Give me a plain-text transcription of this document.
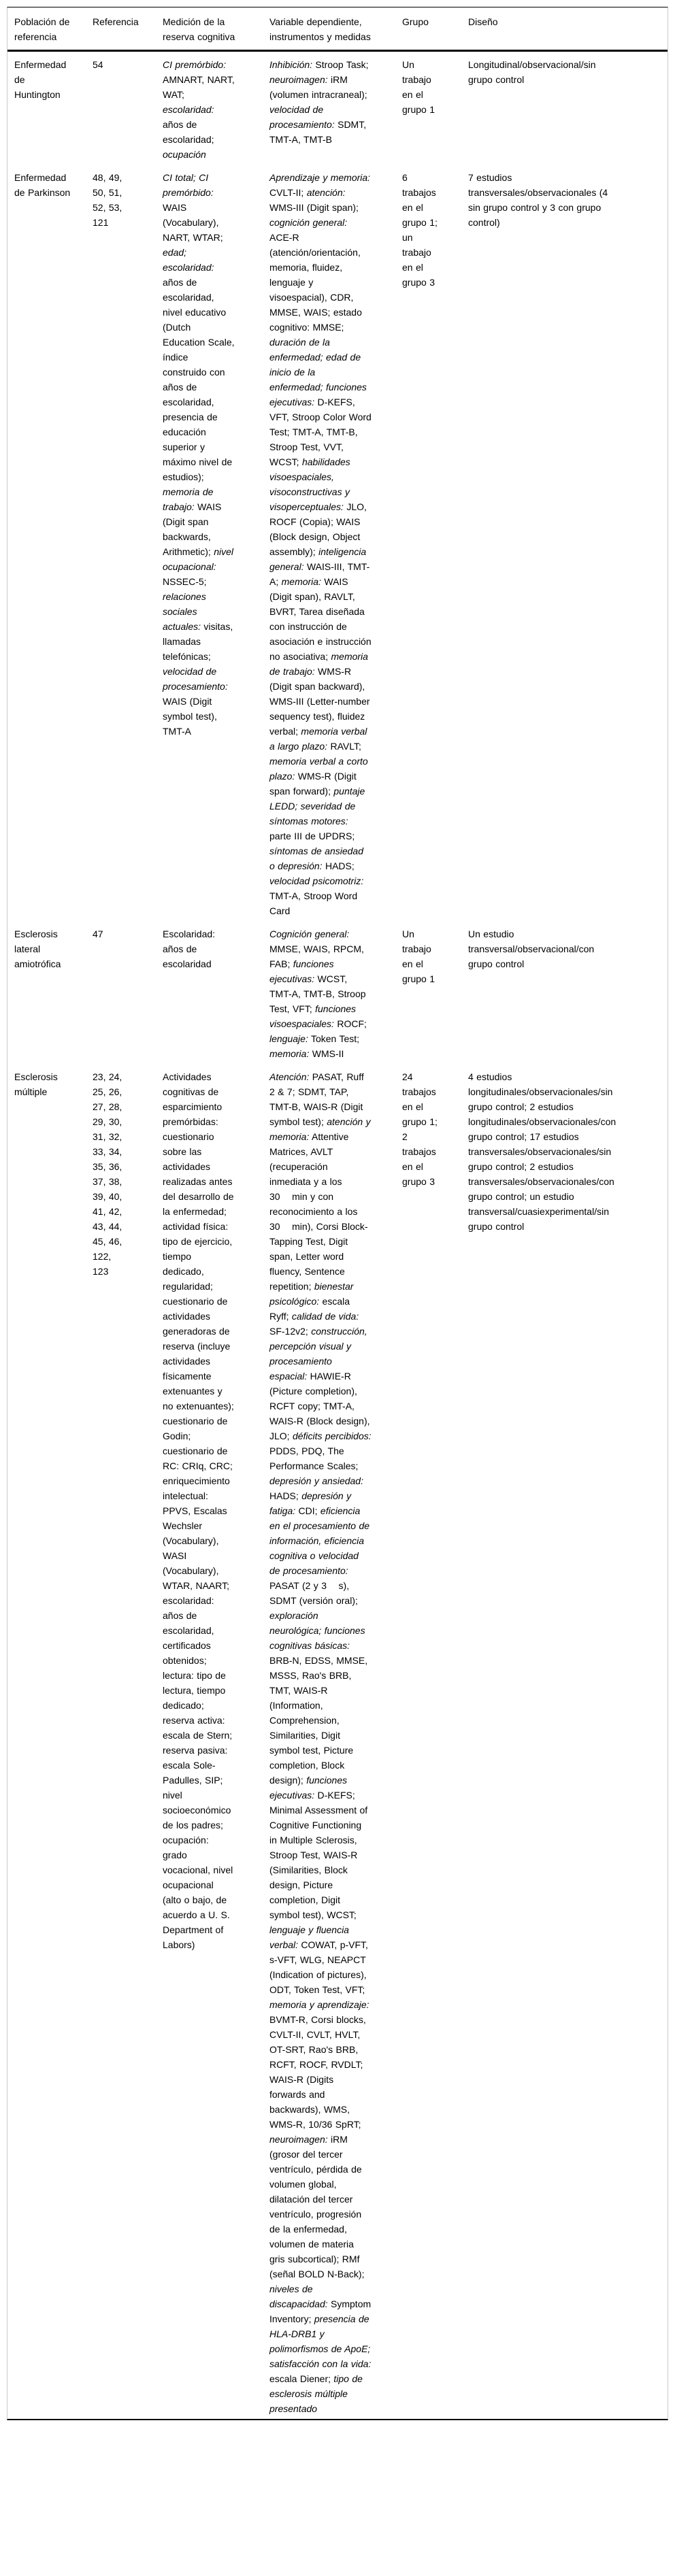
Población de referencia	Referencia	Medición de la reserva cognitiva	Variable dependiente, instrumentos y medidas	Grupo	Diseño
Enfermedad de Huntington	54	CI premórbido: AMNART, NART, WAT; escolaridad: años de escolaridad; ocupación	Inhibición: Stroop Task; neuroimagen: iRM (volumen intracraneal); velocidad de procesamiento: SDMT, TMT-A, TMT-B	Un trabajo en el grupo 1	Longitudinal/observacional/sin grupo control
Enfermedad de Parkinson	48, 49, 50, 51, 52, 53, 121	CI total; CI premórbido: WAIS (Vocabulary), NART, WTAR; edad; escolaridad: años de escolaridad, nivel educativo (Dutch Education Scale, índice construido con años de escolaridad, presencia de educación superior y máximo nivel de estudios); memoria de trabajo: WAIS (Digit span backwards, Arithmetic); nivel ocupacional: NSSEC-5; relaciones sociales actuales: visitas, llamadas telefónicas; velocidad de procesamiento: WAIS (Digit symbol test), TMT-A	Aprendizaje y memoria: CVLT-II; atención: WMS-III (Digit span); cognición general: ACE-R (atención/orientación, memoria, fluidez, lenguaje y visoespacial), CDR, MMSE, WAIS; estado cognitivo: MMSE; duración de la enfermedad; edad de inicio de la enfermedad; funciones ejecutivas: D-KEFS, VFT, Stroop Color Word Test; TMT-A, TMT-B, Stroop Test, VVT, WCST; habilidades visoespaciales, visoconstructivas y visoperceptuales: JLO, ROCF (Copia); WAIS (Block design, Object assembly); inteligencia general: WAIS-III, TMT-A; memoria: WAIS (Digit span), RAVLT, BVRT, Tarea diseñada con instrucción de asociación e instrucción no asociativa; memoria de trabajo: WMS-R (Digit span backward), WMS-III (Letter-number sequency test), fluidez verbal; memoria verbal a largo plazo: RAVLT; memoria verbal a corto plazo: WMS-R (Digit span forward); puntaje LEDD; severidad de síntomas motores: parte III de UPDRS; síntomas de ansiedad o depresión: HADS; velocidad psicomotriz: TMT-A, Stroop Word Card	6 trabajos en el grupo 1; un trabajo en el grupo 3	7 estudios transversales/observacionales (4 sin grupo control y 3 con grupo control)
Esclerosis lateral amiotrófica	47	Escolaridad: años de escolaridad	Cognición general: MMSE, WAIS, RPCM, FAB; funciones ejecutivas: WCST, TMT-A, TMT-B, Stroop Test, VFT; funciones visoespaciales: ROCF; lenguaje: Token Test; memoria: WMS-II	Un trabajo en el grupo 1	Un estudio transversal/observacional/con grupo control
Esclerosis múltiple	23, 24, 25, 26, 27, 28, 29, 30, 31, 32, 33, 34, 35, 36, 37, 38, 39, 40, 41, 42, 43, 44, 45, 46, 122, 123	Actividades cognitivas de esparcimiento premórbidas: cuestionario sobre las actividades realizadas antes del desarrollo de la enfermedad; actividad física: tipo de ejercicio, tiempo dedicado, regularidad; cuestionario de actividades generadoras de reserva (incluye actividades físicamente extenuantes y no extenuantes); cuestionario de Godin; cuestionario de RC: CRIq, CRC; enriquecimiento intelectual: PPVS, Escalas Wechsler (Vocabulary), WASI (Vocabulary), WTAR, NAART; escolaridad: años de escolaridad, certificados obtenidos; lectura: tipo de lectura, tiempo dedicado; reserva activa: escala de Stern; reserva pasiva: escala Sole-Padulles, SIP; nivel socioeconómico de los padres; ocupación: grado vocacional, nivel ocupacional (alto o bajo, de acuerdo a U. S. Department of Labors)	Atención: PASAT, Ruff 2 & 7; SDMT, TAP, TMT-B, WAIS-R (Digit symbol test); atención y memoria: Attentive Matrices, AVLT (recuperación inmediata y a los 30    min y con reconocimiento a los 30    min), Corsi Block-Tapping Test, Digit span, Letter word fluency, Sentence repetition; bienestar psicológico: escala Ryff; calidad de vida: SF-12v2; construcción, percepción visual y procesamiento espacial: HAWIE-R (Picture completion), RCFT copy; TMT-A, WAIS-R (Block design), JLO; déficits percibidos: PDDS, PDQ, The Performance Scales; depresión y ansiedad: HADS; depresión y fatiga: CDI; eficiencia en el procesamiento de información, eficiencia cognitiva o velocidad de procesamiento: PASAT (2 y 3    s), SDMT (versión oral); exploración neurológica; funciones cognitivas básicas: BRB-N, EDSS, MMSE, MSSS, Rao's BRB, TMT, WAIS-R (Information, Comprehension, Similarities, Digit symbol test, Picture completion, Block design); funciones ejecutivas: D-KEFS; Minimal Assessment of Cognitive Functioning in Multiple Sclerosis, Stroop Test, WAIS-R (Similarities, Block design, Picture completion, Digit symbol test), WCST; lenguaje y fluencia verbal: COWAT, p-VFT, s-VFT, WLG, NEAPCT (Indication of pictures), ODT, Token Test, VFT; memoria y aprendizaje: BVMT-R, Corsi blocks, CVLT-II, CVLT, HVLT, OT-SRT, Rao's BRB, RCFT, ROCF, RVDLT; WAIS-R (Digits forwards and backwards), WMS, WMS-R, 10/36 SpRT; neuroimagen: iRM (grosor del tercer ventrículo, pérdida de volumen global, dilatación del tercer ventrículo, progresión de la enfermedad, volumen de materia gris subcortical); RMf (señal BOLD N-Back); niveles de discapacidad: Symptom Inventory; presencia de HLA-DRB1 y polimorfismos de ApoE; satisfacción con la vida: escala Diener; tipo de esclerosis múltiple presentado	24 trabajos en el grupo 1; 2 trabajos en el grupo 3	4 estudios longitudinales/observacionales/sin grupo control; 2 estudios longitudinales/observacionales/con grupo control; 17 estudios transversales/observacionales/sin grupo control; 2 estudios transversales/observacionales/con grupo control; un estudio transversal/cuasiexperimental/sin grupo control
